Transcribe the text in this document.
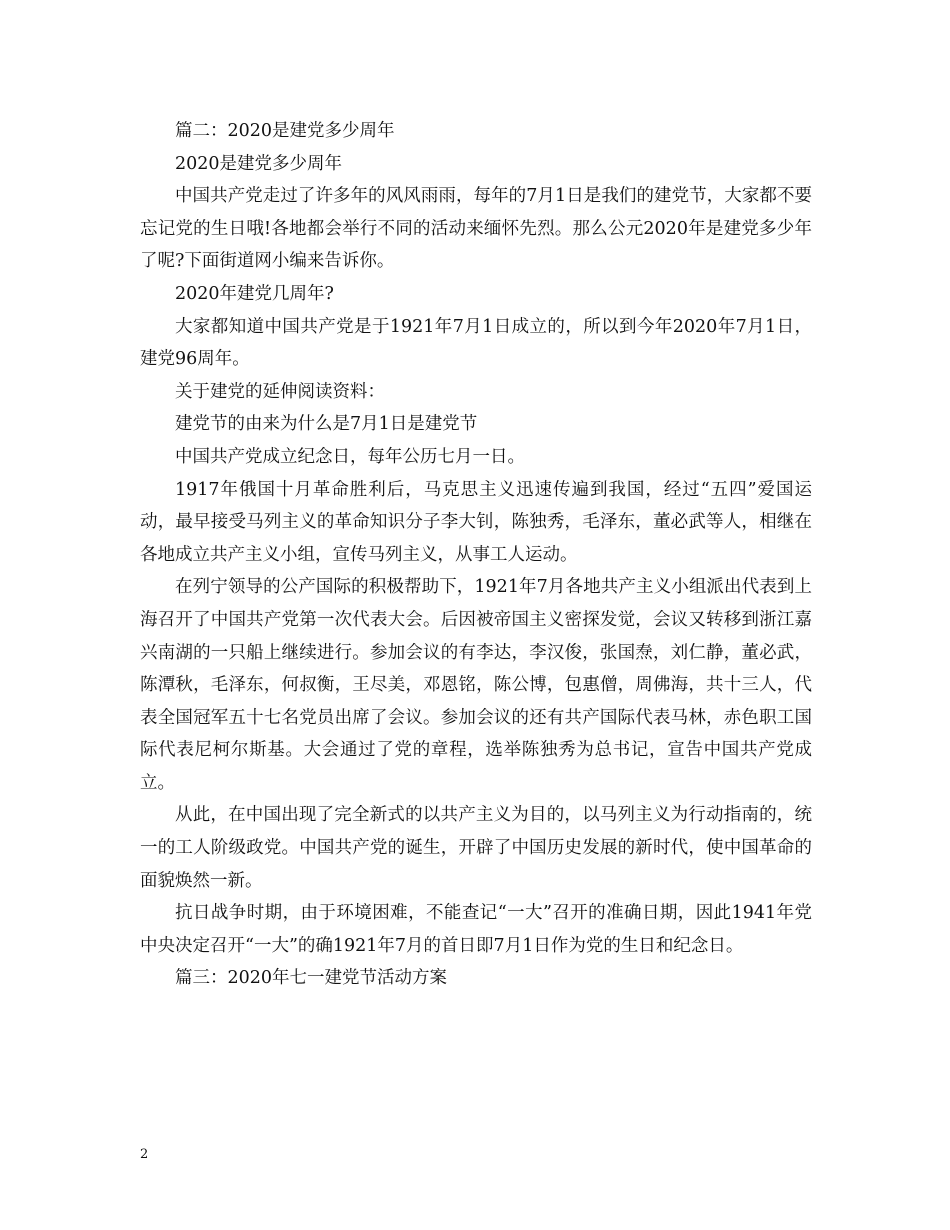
篇二：2020是建党多少周年

2020是建党多少周年

中国共产党走过了许多年的风风雨雨，每年的7月1日是我们的建党节，大家都不要忘记党的生日哦!各地都会举行不同的活动来缅怀先烈。那么公元2020年是建党多少年了呢?下面街道网小编来告诉你。

2020年建党几周年?

大家都知道中国共产党是于1921年7月1日成立的，所以到今年2020年7月1日，建党96周年。

关于建党的延伸阅读资料：

建党节的由来为什么是7月1日是建党节

中国共产党成立纪念日，每年公历七月一日。

1917年俄国十月革命胜利后，马克思主义迅速传遍到我国，经过“五四”爱国运动，最早接受马列主义的革命知识分子李大钊，陈独秀，毛泽东，董必武等人，相继在各地成立共产主义小组，宣传马列主义，从事工人运动。

在列宁领导的公产国际的积极帮助下，1921年7月各地共产主义小组派出代表到上海召开了中国共产党第一次代表大会。后因被帝国主义密探发觉，会议又转移到浙江嘉兴南湖的一只船上继续进行。参加会议的有李达，李汉俊，张国焘，刘仁静，董必武，陈潭秋，毛泽东，何叔衡，王尽美，邓恩铭，陈公博，包惠僧，周佛海，共十三人，代表全国冠军五十七名党员出席了会议。参加会议的还有共产国际代表马林，赤色职工国际代表尼柯尔斯基。大会通过了党的章程，选举陈独秀为总书记，宣告中国共产党成立。

从此，在中国出现了完全新式的以共产主义为目的，以马列主义为行动指南的，统一的工人阶级政党。中国共产党的诞生，开辟了中国历史发展的新时代，使中国革命的面貌焕然一新。

抗日战争时期，由于环境困难，不能查记“一大”召开的准确日期，因此1941年党中央决定召开“一大”的确1921年7月的首日即7月1日作为党的生日和纪念日。

篇三：2020年七一建党节活动方案

2
